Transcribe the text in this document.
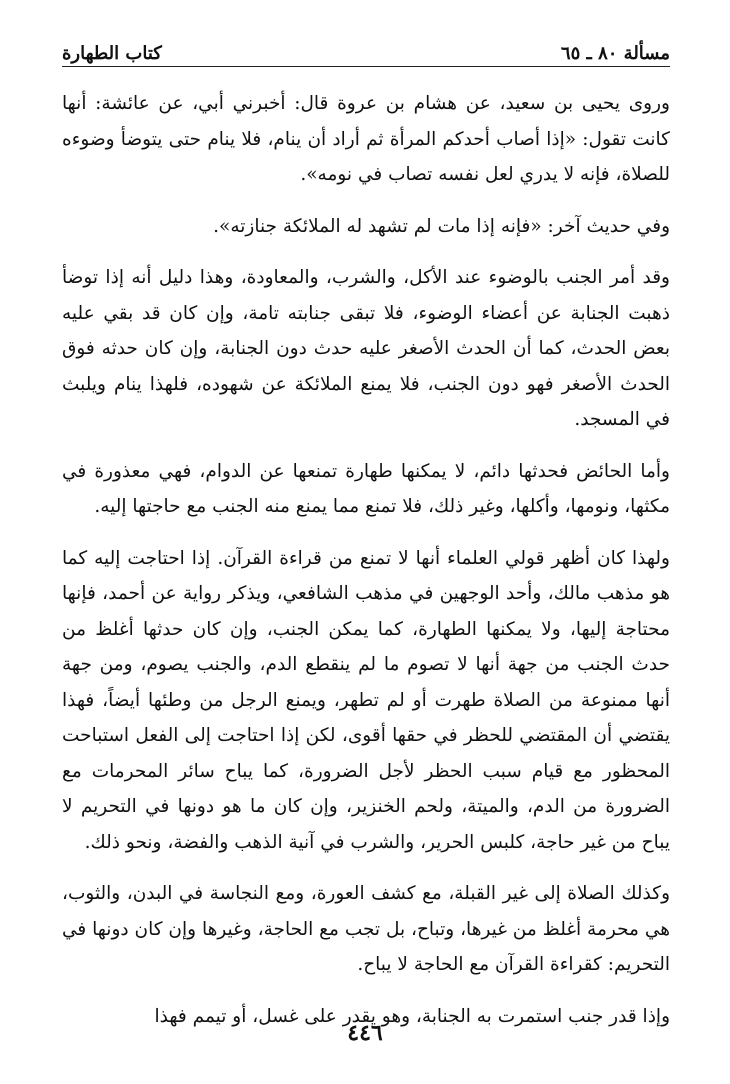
مسألة ٨٠ ـ ٦٥
كتاب الطهارة

وروى يحيى بن سعيد، عن هشام بن عروة قال: أخبرني أبي، عن عائشة: أنها كانت تقول: «إذا أصاب أحدكم المرأة ثم أراد أن ينام، فلا ينام حتى يتوضأ وضوءه للصلاة، فإنه لا يدري لعل نفسه تصاب في نومه».

وفي حديث آخر: «فإنه إذا مات لم تشهد له الملائكة جنازته».

وقد أمر الجنب بالوضوء عند الأكل، والشرب، والمعاودة، وهذا دليل أنه إذا توضأ ذهبت الجنابة عن أعضاء الوضوء، فلا تبقى جنابته تامة، وإن كان قد بقي عليه بعض الحدث، كما أن الحدث الأصغر عليه حدث دون الجنابة، وإن كان حدثه فوق الحدث الأصغر فهو دون الجنب، فلا يمنع الملائكة عن شهوده، فلهذا ينام ويلبث في المسجد.

وأما الحائض فحدثها دائم، لا يمكنها طهارة تمنعها عن الدوام، فهي معذورة في مكثها، ونومها، وأكلها، وغير ذلك، فلا تمنع مما يمنع منه الجنب مع حاجتها إليه.

ولهذا كان أظهر قولي العلماء أنها لا تمنع من قراءة القرآن. إذا احتاجت إليه كما هو مذهب مالك، وأحد الوجهين في مذهب الشافعي، ويذكر رواية عن أحمد، فإنها محتاجة إليها، ولا يمكنها الطهارة، كما يمكن الجنب، وإن كان حدثها أغلظ من حدث الجنب من جهة أنها لا تصوم ما لم ينقطع الدم، والجنب يصوم، ومن جهة أنها ممنوعة من الصلاة طهرت أو لم تطهر، ويمنع الرجل من وطئها أيضاً، فهذا يقتضي أن المقتضي للحظر في حقها أقوى، لكن إذا احتاجت إلى الفعل استباحت المحظور مع قيام سبب الحظر لأجل الضرورة، كما يباح سائر المحرمات مع الضرورة من الدم، والميتة، ولحم الخنزير، وإن كان ما هو دونها في التحريم لا يباح من غير حاجة، كلبس الحرير، والشرب في آنية الذهب والفضة، ونحو ذلك.

وكذلك الصلاة إلى غير القبلة، مع كشف العورة، ومع النجاسة في البدن، والثوب، هي محرمة أغلظ من غيرها، وتباح، بل تجب مع الحاجة، وغيرها وإن كان دونها في التحريم: كقراءة القرآن مع الحاجة لا يباح.

وإذا قدر جنب استمرت به الجنابة، وهو يقدر على غسل، أو تيمم فهذا

٤٤٦
